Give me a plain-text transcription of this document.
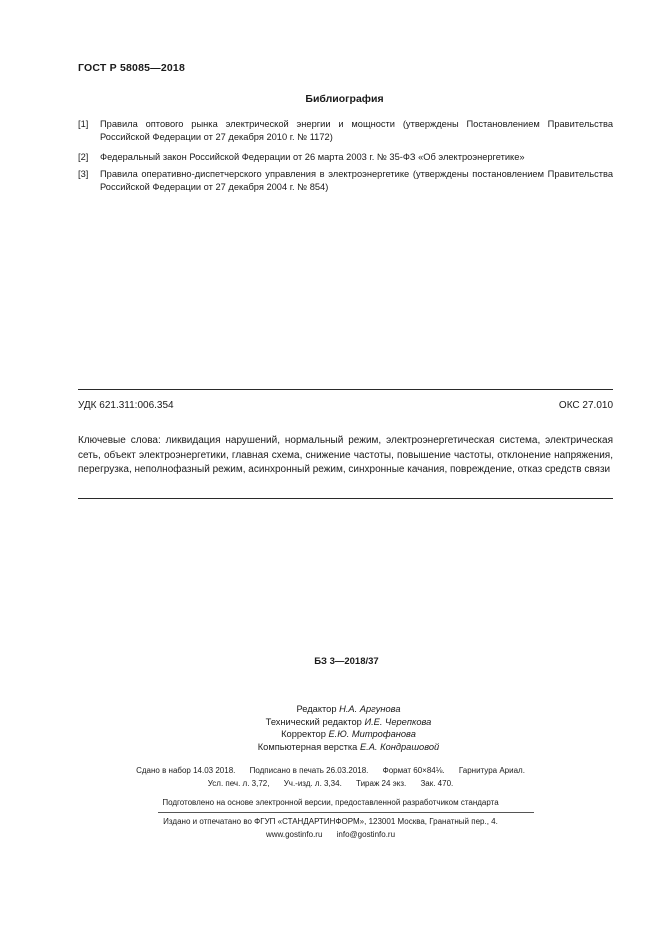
ГОСТ Р 58085—2018
Библиография
[1] Правила оптового рынка электрической энергии и мощности (утверждены Постановлением Правительства Российской Федерации от 27 декабря 2010 г. № 1172)
[2] Федеральный закон Российской Федерации от 26 марта 2003 г. № 35-ФЗ «Об электроэнергетике»
[3] Правила оперативно-диспетчерского управления в электроэнергетике (утверждены постановлением Правительства Российской Федерации от 27 декабря 2004 г. № 854)
УДК 621.311:006.354	ОКС 27.010
Ключевые слова: ликвидация нарушений, нормальный режим, электроэнергетическая система, электрическая сеть, объект электроэнергетики, главная схема, снижение частоты, повышение частоты, отклонение напряжения, перегрузка, неполнофазный режим, асинхронный режим, синхронные качания, повреждение, отказ средств связи
БЗ 3—2018/37
Редактор Н.А. Аргунова
Технический редактор И.Е. Черепкова
Корректор Е.Ю. Митрофанова
Компьютерная верстка Е.А. Кондрашовой
Сдано в набор 14.03 2018. Подписано в печать 26.03.2018. Формат 60×84⅛. Гарнитура Ариал.
Усл. печ. л. 3,72, Уч.-изд. л. 3,34. Тираж 24 экз. Зак. 470.
Подготовлено на основе электронной версии, предоставленной разработчиком стандарта
Издано и отпечатано во ФГУП «СТАНДАРТИНФОРМ», 123001 Москва, Гранатный пер., 4.
www.gostinfo.ru info@gostinfo.ru
